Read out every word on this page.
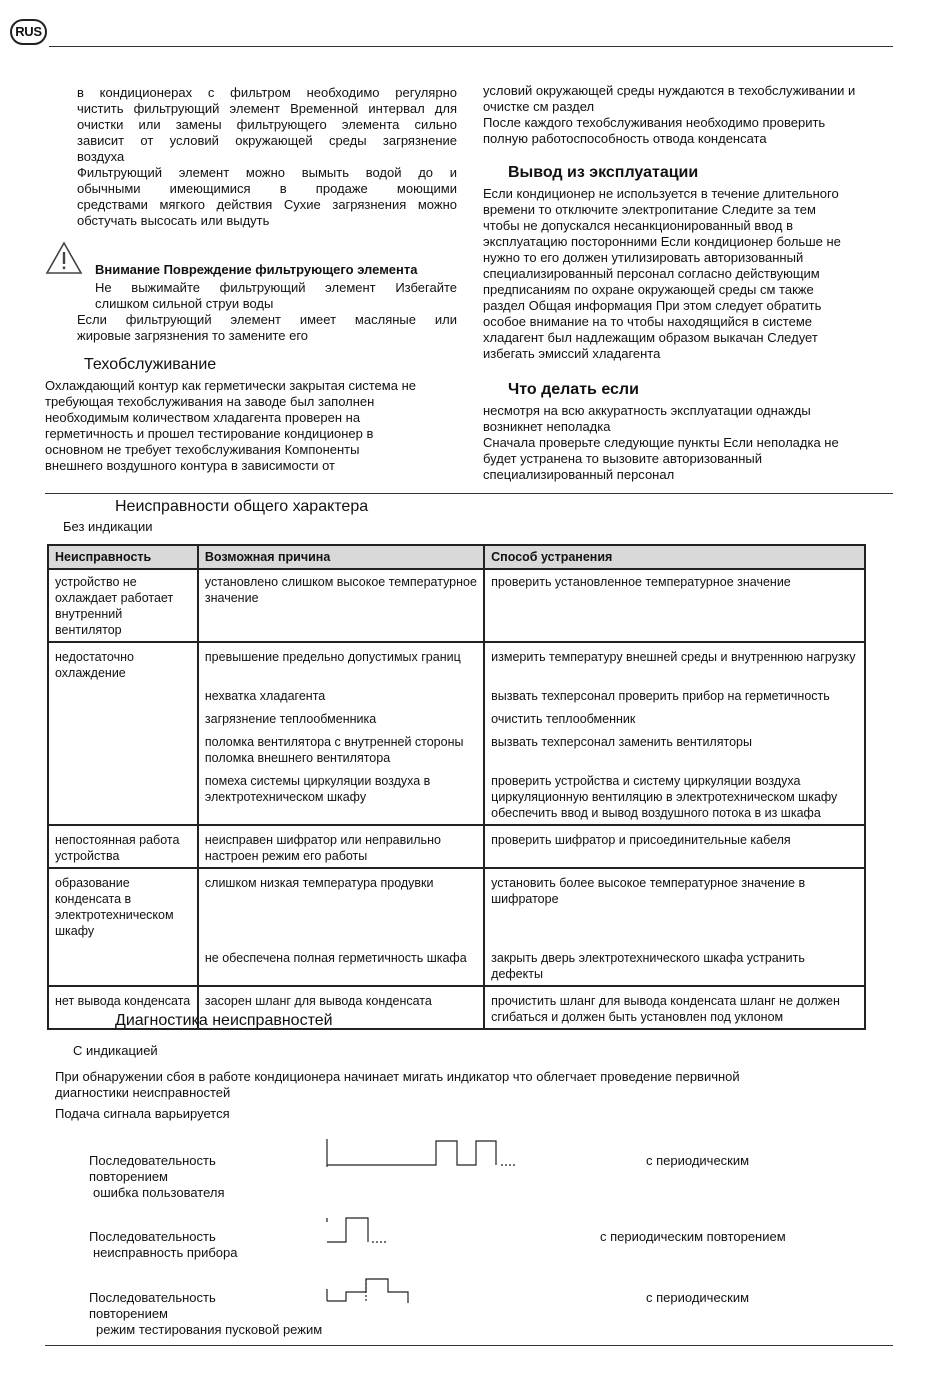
RUS

в кондиционерах с фильтром необходимо регулярно

чистить фильтрующий элемент Временной интервал для

очистки или замены фильтрующего элемента сильно

зависит от условий окружающей среды загрязнение

воздуха

Фильтрующий элемент можно вымыть водой до и

обычными имеющимися в продаже моющими

средствами мягкого действия Сухие загрязнения можно

обстучать высосать или выдуть

Внимание Повреждение фильтрующего элемента

Не выжимайте фильтрующий элемент Избегайте

слишком сильной струи воды

Если фильтрующий элемент имеет масляные или

жировые загрязнения то замените его

Техобслуживание

Охлаждающий контур как герметически закрытая система не

требующая техобслуживания на заводе был заполнен

необходимым количеством хладагента проверен на

герметичность и прошел тестирование кондиционер в

основном не требует техобслуживания Компоненты

внешнего воздушного контура в зависимости от

условий окружающей среды нуждаются в техобслуживании и

очистке см раздел

После каждого техобслуживания необходимо проверить

полную работоспособность отвода конденсата

Вывод из эксплуатации

Если кондиционер не используется в течение длительного

времени то отключите электропитание Следите за тем

чтобы не допускался несанкционированный ввод в

эксплуатацию посторонними Если кондиционер больше не

нужно то его должен утилизировать авторизованный

специализированный персонал согласно действующим

предписаниям по охране окружающей среды см также

раздел Общая информация При этом следует обратить

особое внимание на то чтобы находящийся в системе

хладагент был надлежащим образом выкачан Следует

избегать эмиссий хладагента

Что делать если

несмотря на всю аккуратность эксплуатации однажды

возникнет неполадка

Сначала проверьте следующие пункты Если неполадка не

будет устранена то вызовите авторизованный

специализированный персонал

Неисправности общего характера
Без индикации
Неисправность	Возможная причина	Способ устранения
устройство не охлаждает работает внутренний вентилятор	установлено слишком высокое температурное значение	проверить установленное температурное значение
недостаточно охлаждение	превышение предельно допустимых границ	измерить температуру внешней среды и внутреннюю нагрузку
	нехватка хладагента	вызвать техперсонал проверить прибор на герметичность
	загрязнение теплообменника	очистить теплообменник
	поломка вентилятора с внутренней стороны поломка внешнего вентилятора	вызвать техперсонал заменить вентиляторы
	помеха системы циркуляции воздуха в электротехническом шкафу	проверить устройства и систему циркуляции воздуха циркуляционную вентиляцию в электротехническом шкафу обеспечить ввод и вывод воздушного потока в из шкафа
непостоянная работа устройства	неисправен шифратор или неправильно настроен режим его работы	проверить шифратор и присоединительные кабеля
образование конденсата в электротехническом шкафу	слишком низкая температура продувки	установить более высокое температурное значение в шифраторе
	не обеспечена полная герметичность шкафа	закрыть дверь электротехнического шкафа устранить дефекты
нет вывода конденсата	засорен шланг для вывода конденсата	прочистить шланг для вывода конденсата шланг не должен сгибаться и должен быть установлен под уклоном
Диагностика неисправностей
С индикацией

При обнаружении сбоя в работе кондиционера начинает мигать индикатор что облегчает проведение первичной

диагностики неисправностей

Подача сигнала варьируется

Последовательность

повторением

ошибка пользователя

с периодическим

Последовательность

неисправность прибора

с периодическим повторением

Последовательность

повторением

режим тестирования пусковой режим

с периодическим
